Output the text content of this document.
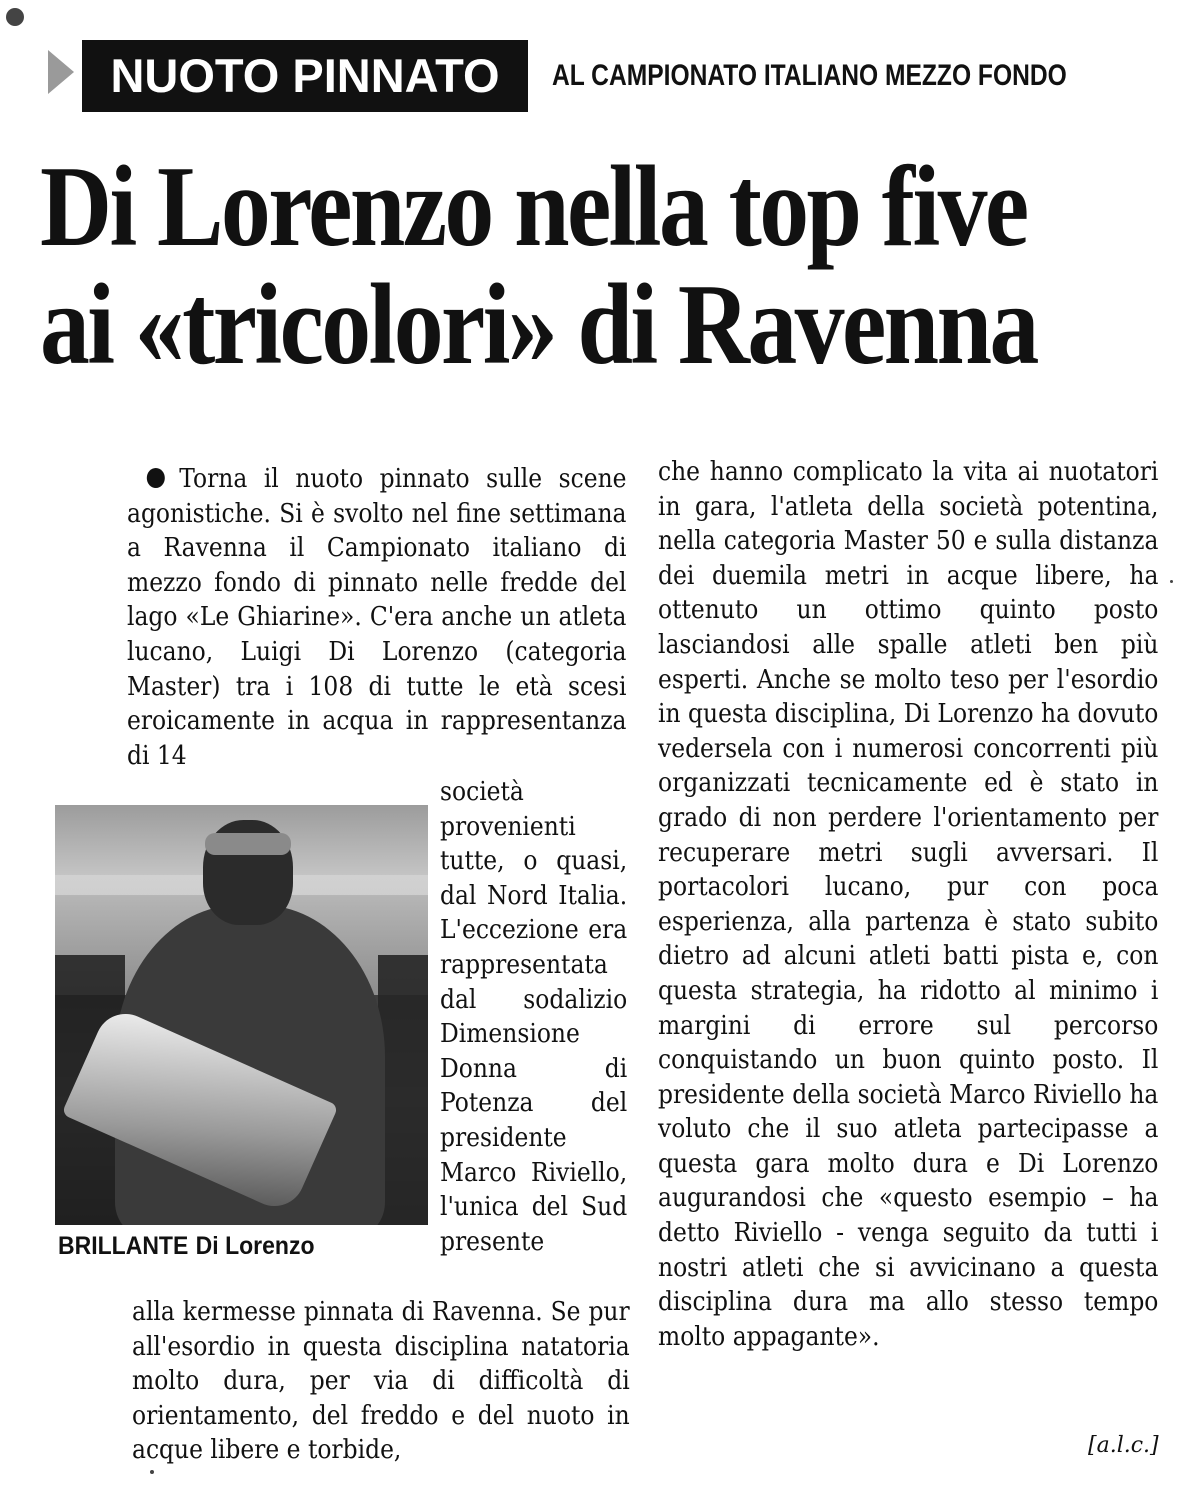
NUOTO PINNATO	AL CAMPIONATO ITALIANO MEZZO FONDO
Di Lorenzo nella top five
ai «tricolori» di Ravenna
Torna il nuoto pinnato sulle scene agonistiche. Si è svolto nel fine settimana a Ravenna il Campionato italiano di mezzo fondo di pinnato nelle fredde del lago «Le Ghiarine». C'era anche un atleta lucano, Luigi Di Lorenzo (categoria Master) tra i 108 di tutte le età scesi eroicamente in acqua in rappresentanza di 14
società provenienti tutte, o quasi, dal Nord Italia. L'eccezione era rappresentata dal sodalizio Dimensione Donna di Potenza del presidente Marco Riviello, l'unica del Sud presente
BRILLANTE Di Lorenzo
alla kermesse pinnata di Ravenna. Se pur all'esordio in questa disciplina natatoria molto dura, per via di difficoltà di orientamento, del freddo e del nuoto in acque libere e torbide,
che hanno complicato la vita ai nuotatori in gara, l'atleta della società potentina, nella categoria Master 50 e sulla distanza dei duemila metri in acque libere, ha ottenuto un ottimo quinto posto lasciandosi alle spalle atleti ben più esperti. Anche se molto teso per l'esordio in questa disciplina, Di Lorenzo ha dovuto vedersela con i numerosi concorrenti più organizzati tecnicamente ed è stato in grado di non perdere l'orientamento per recuperare metri sugli avversari. Il portacolori lucano, pur con poca esperienza, alla partenza è stato subito dietro ad alcuni atleti batti pista e, con questa strategia, ha ridotto al minimo i margini di errore sul percorso conquistando un buon quinto posto. Il presidente della società Marco Riviello ha voluto che il suo atleta partecipasse a questa gara molto dura e Di Lorenzo augurandosi che «questo esempio – ha detto Riviello - venga seguito da tutti i nostri atleti che si avvicinano a questa disciplina dura ma allo stesso tempo molto appagante».
[a.l.c.]
